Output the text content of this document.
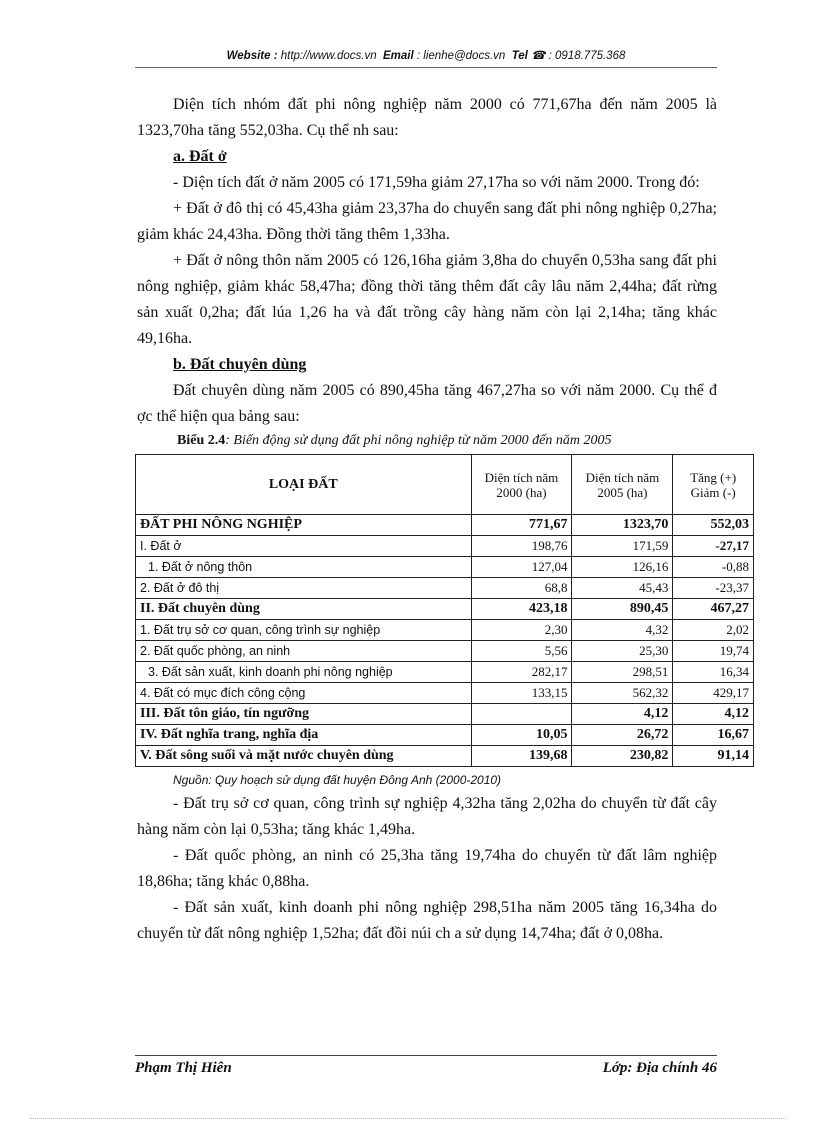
Website : http://www.docs.vn Email : lienhe@docs.vn Tel ☎ : 0918.775.368

Diện tích nhóm đất phi nông nghiệp năm 2000 có 771,67ha đến năm 2005 là 1323,70ha tăng 552,03ha. Cụ thể nh sau:

a. Đất ở

- Diện tích đất ở năm 2005 có 171,59ha giảm 27,17ha so với năm 2000. Trong đó:

+ Đất ở đô thị có 45,43ha giảm 23,37ha do chuyển sang đất phi nông nghiệp 0,27ha; giảm khác 24,43ha. Đồng thời tăng thêm 1,33ha.

+ Đất ở nông thôn năm 2005 có 126,16ha giảm 3,8ha do chuyển 0,53ha sang đất phi nông nghiệp, giảm khác 58,47ha; đồng thời tăng thêm đất cây lâu năm 2,44ha; đất rừng sản xuất 0,2ha; đất lúa 1,26 ha và đất trồng cây hàng năm còn lại 2,14ha; tăng khác 49,16ha.

b. Đất chuyên dùng

Đất chuyên dùng năm 2005 có 890,45ha tăng 467,27ha so với năm 2000. Cụ thể đ ợc thể hiện qua bảng sau:

Biểu 2.4: Biến động sử dụng đất phi nông nghiệp từ năm 2000 đến năm 2005

LOẠI ĐẤT	Diện tích năm 2000 (ha)	Diện tích năm 2005 (ha)	Tăng (+) Giảm (-)
ĐẤT PHI NÔNG NGHIỆP	771,67	1323,70	552,03
I. Đất ở	198,76	171,59	-27,17
1. Đất ở nông thôn	127,04	126,16	-0,88
2. Đất ở đô thị	68,8	45,43	-23,37
II. Đất chuyên dùng	423,18	890,45	467,27
1. Đất trụ sở cơ quan, công trình sự nghiệp	2,30	4,32	2,02
2. Đất quốc phòng, an ninh	5,56	25,30	19,74
3. Đất sản xuất, kinh doanh phi nông nghiệp	282,17	298,51	16,34
4. Đất có mục đích công cộng	133,15	562,32	429,17
III. Đất tôn giáo, tín ngưỡng		4,12	4,12
IV. Đất nghĩa trang, nghĩa địa	10,05	26,72	16,67
V. Đất sông suối và mặt nước chuyên dùng	139,68	230,82	91,14
Nguồn: Quy hoạch sử dụng đất huyện Đông Anh (2000-2010)

- Đất trụ sở cơ quan, công trình sự nghiệp 4,32ha tăng 2,02ha do chuyển từ đất cây hàng năm còn lại 0,53ha; tăng khác 1,49ha.

- Đất quốc phòng, an ninh có 25,3ha tăng 19,74ha do chuyển từ đất lâm nghiệp 18,86ha; tăng khác 0,88ha.

- Đất sản xuất, kinh doanh phi nông nghiệp 298,51ha năm 2005 tăng 16,34ha do chuyển từ đất nông nghiệp 1,52ha; đất đồi núi ch a sử dụng 14,74ha; đất ở 0,08ha.

Phạm Thị Hiên	Lớp: Địa chính 46
